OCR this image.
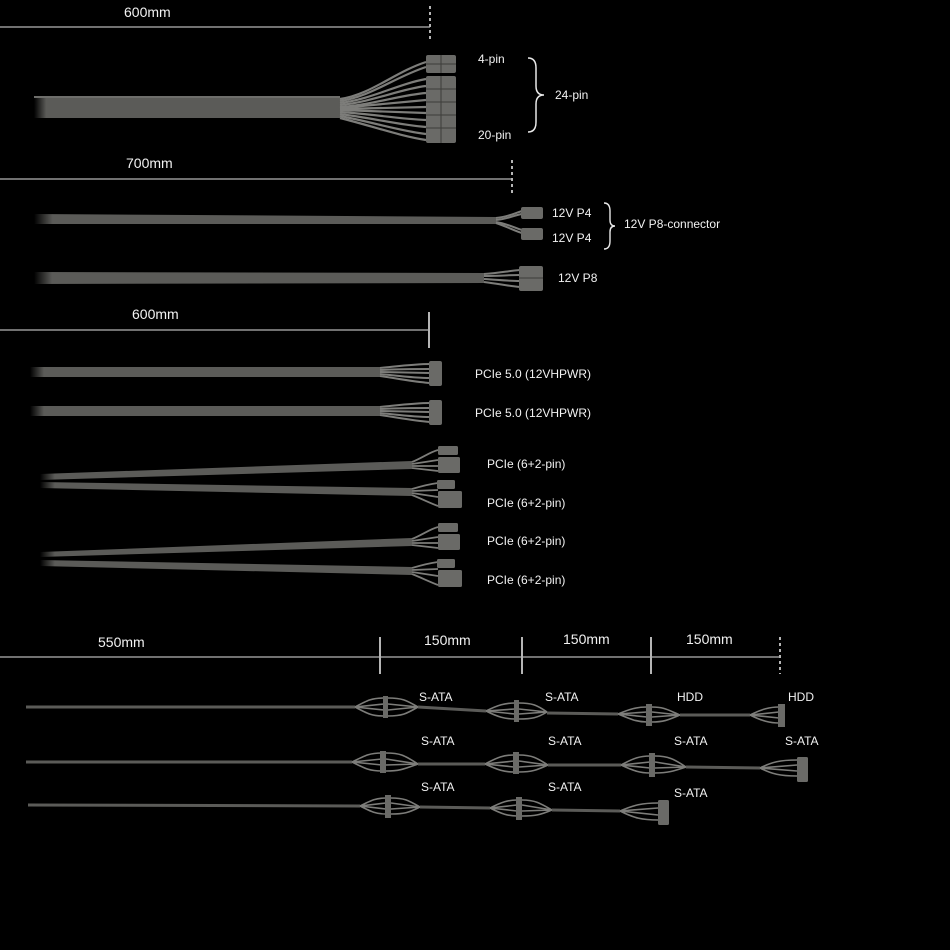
600mm
700mm
600mm
550mm	150mm	150mm	150mm
4-pin
20-pin
24-pin
12V P4
12V P4
12V P8-connector
12V P8
PCIe 5.0 (12VHPWR)
PCIe 5.0 (12VHPWR)
PCIe (6+2-pin)
PCIe (6+2-pin)
PCIe (6+2-pin)
PCIe (6+2-pin)
S-ATA	S-ATA	HDD	HDD
S-ATA	S-ATA	S-ATA	S-ATA
S-ATA	S-ATA	S-ATA
